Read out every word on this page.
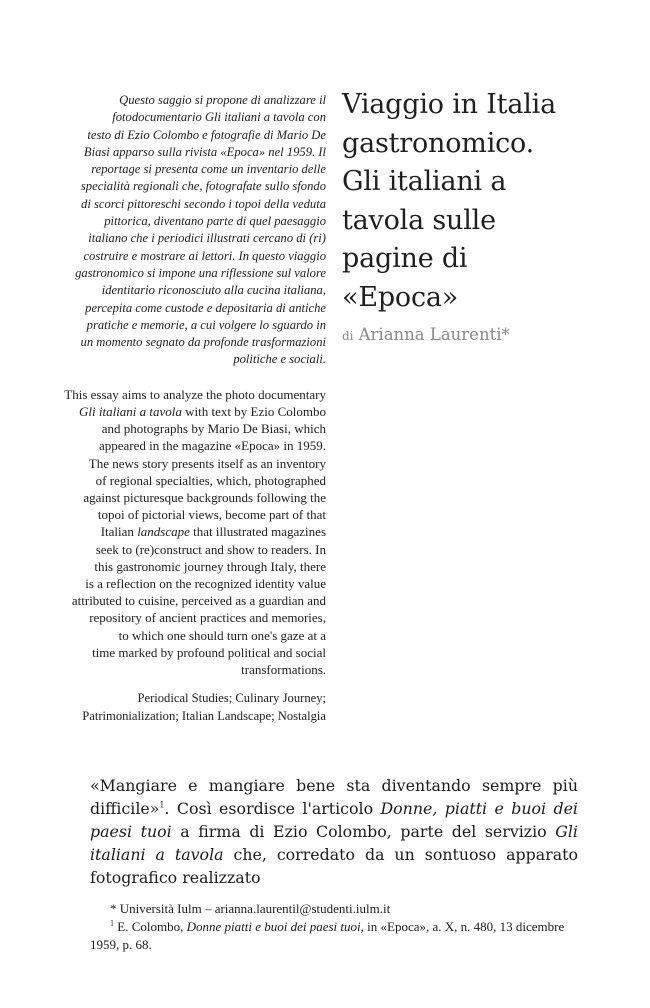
Questo saggio si propone di analizzare il
fotodocumentario Gli italiani a tavola con
testo di Ezio Colombo e fotografie di Mario De
Biasi apparso sulla rivista «Epoca» nel 1959. Il
reportage si presenta come un inventario delle
specialità regionali che, fotografate sullo sfondo
di scorci pittoreschi secondo i topoi della veduta
pittorica, diventano parte di quel paesaggio
italiano che i periodici illustrati cercano di (ri)
costruire e mostrare ai lettori. In questo viaggio
gastronomico si impone una riflessione sul valore
identitario riconosciuto alla cucina italiana,
percepita come custode e depositaria di antiche
pratiche e memorie, a cui volgere lo sguardo in
un momento segnato da profonde trasformazioni
politiche e sociali.

This essay aims to analyze the photo documentary
Gli italiani a tavola with text by Ezio Colombo
and photographs by Mario De Biasi, which
appeared in the magazine «Epoca» in 1959.
The news story presents itself as an inventory
of regional specialties, which, photographed
against picturesque backgrounds following the
topoi of pictorial views, become part of that
Italian landscape that illustrated magazines
seek to (re)construct and show to readers. In
this gastronomic journey through Italy, there
is a reflection on the recognized identity value
attributed to cuisine, perceived as a guardian and
repository of ancient practices and memories,
to which one should turn one's gaze at a
time marked by profound political and social
transformations.

Periodical Studies; Culinary Journey;
Patrimonialization; Italian Landscape; Nostalgia

Viaggio in Italia
gastronomico.
Gli italiani a
tavola sulle
pagine di
«Epoca»
di Arianna Laurenti*

«Mangiare e mangiare bene sta diventando sempre più difficile»$^1$. Così esordisce l'articolo Donne, piatti e buoi dei paesi tuoi a firma di Ezio Colombo, parte del servizio Gli italiani a tavola che, corredato da un sontuoso apparato fotografico realizzato

* Università Iulm – arianna.laurentil@studenti.iulm.it

$^1$ E. Colombo, Donne piatti e buoi dei paesi tuoi, in «Epoca», a. X, n. 480, 13 dicembre 1959, p. 68.
